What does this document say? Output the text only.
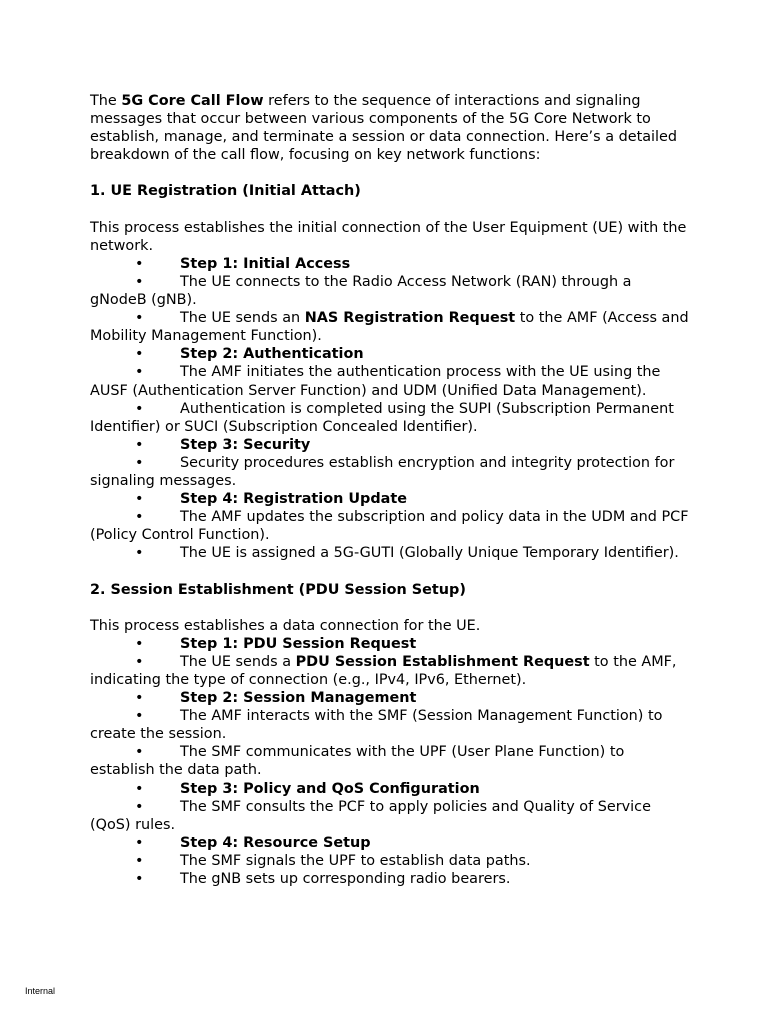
The 5G Core Call Flow refers to the sequence of interactions and signaling messages that occur between various components of the 5G Core Network to establish, manage, and terminate a session or data connection. Here’s a detailed breakdown of the call flow, focusing on key network functions:

1. UE Registration (Initial Attach)

This process establishes the initial connection of the User Equipment (UE) with the network.

•	Step 1: Initial Access

•	The UE connects to the Radio Access Network (RAN) through a gNodeB (gNB).

•	The UE sends an NAS Registration Request to the AMF (Access and Mobility Management Function).

•	Step 2: Authentication

•	The AMF initiates the authentication process with the UE using the AUSF (Authentication Server Function) and UDM (Unified Data Management).

•	Authentication is completed using the SUPI (Subscription Permanent Identifier) or SUCI (Subscription Concealed Identifier).

•	Step 3: Security

•	Security procedures establish encryption and integrity protection for signaling messages.

•	Step 4: Registration Update

•	The AMF updates the subscription and policy data in the UDM and PCF (Policy Control Function).

•	The UE is assigned a 5G-GUTI (Globally Unique Temporary Identifier).

2. Session Establishment (PDU Session Setup)

This process establishes a data connection for the UE.

•	Step 1: PDU Session Request

•	The UE sends a PDU Session Establishment Request to the AMF, indicating the type of connection (e.g., IPv4, IPv6, Ethernet).

•	Step 2: Session Management

•	The AMF interacts with the SMF (Session Management Function) to create the session.

•	The SMF communicates with the UPF (User Plane Function) to establish the data path.

•	Step 3: Policy and QoS Configuration

•	The SMF consults the PCF to apply policies and Quality of Service (QoS) rules.

•	Step 4: Resource Setup

•	The SMF signals the UPF to establish data paths.

•	The gNB sets up corresponding radio bearers.

Internal
